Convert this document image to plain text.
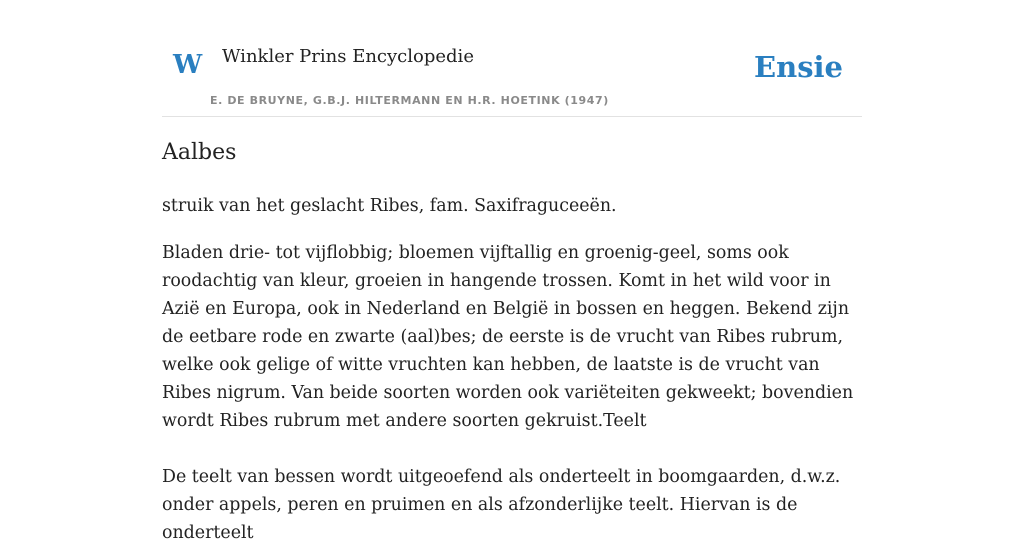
W Winkler Prins Encyclopedie
E. DE BRUYNE, G.B.J. HILTERMANN EN H.R. HOETINK (1947)
Ensie
Aalbes

struik van het geslacht Ribes, fam. Saxifraguceeën.

Bladen drie- tot vijflobbig; bloemen vijftallig en groenig-geel, soms ook roodachtig van kleur, groeien in hangende trossen. Komt in het wild voor in Azië en Europa, ook in Nederland en België in bossen en heggen. Bekend zijn de eetbare rode en zwarte (aal)bes; de eerste is de vrucht van Ribes rubrum, welke ook gelige of witte vruchten kan hebben, de laatste is de vrucht van Ribes nigrum. Van beide soorten worden ook variëteiten gekweekt; bovendien wordt Ribes rubrum met andere soorten gekruist.Teelt

De teelt van bessen wordt uitgeoefend als onderteelt in boomgaarden, d.w.z. onder appels, peren en pruimen en als afzonderlijke teelt. Hiervan is de onderteelt
